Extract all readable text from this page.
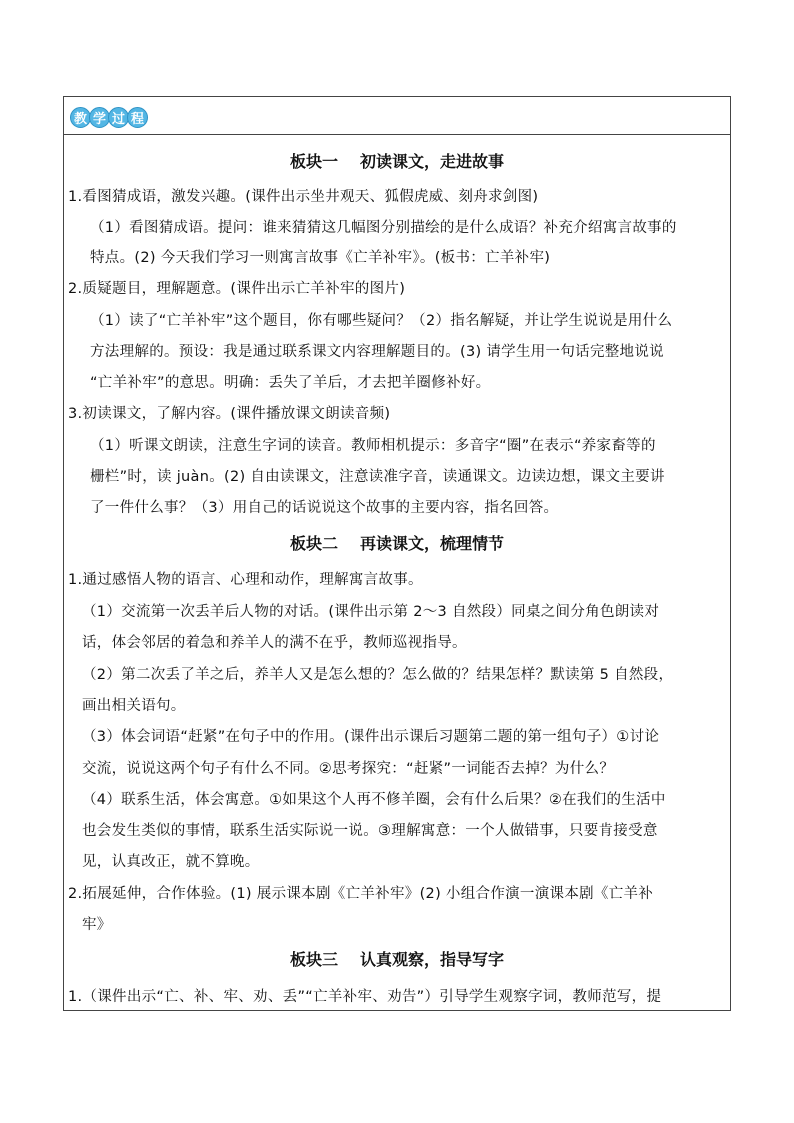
教 学 过 程
板块一 初读课文，走进故事
1.看图猜成语，激发兴趣。(课件出示坐井观天、狐假虎威、刻舟求剑图)
（1）看图猜成语。提问：谁来猜猜这几幅图分别描绘的是什么成语？补充介绍寓言故事的
特点。(2) 今天我们学习一则寓言故事《亡羊补牢》。(板书：亡羊补牢)
2.质疑题目，理解题意。(课件出示亡羊补牢的图片)
（1）读了“亡羊补牢”这个题目，你有哪些疑问？（2）指名解疑，并让学生说说是用什么
方法理解的。预设：我是通过联系课文内容理解题目的。(3) 请学生用一句话完整地说说
“亡羊补牢”的意思。明确：丢失了羊后，才去把羊圈修补好。
3.初读课文，了解内容。(课件播放课文朗读音频)
（1）听课文朗读，注意生字词的读音。教师相机提示：多音字“圈”在表示“养家畜等的
栅栏”时，读 juàn。(2) 自由读课文，注意读准字音，读通课文。边读边想，课文主要讲
了一件什么事？（3）用自己的话说说这个故事的主要内容，指名回答。
板块二 再读课文，梳理情节
1.通过感悟人物的语言、心理和动作，理解寓言故事。
（1）交流第一次丢羊后人物的对话。(课件出示第 2～3 自然段）同桌之间分角色朗读对
话，体会邻居的着急和养羊人的满不在乎，教师巡视指导。
（2）第二次丢了羊之后，养羊人又是怎么想的？怎么做的？结果怎样？默读第 5 自然段，
画出相关语句。
（3）体会词语“赶紧”在句子中的作用。(课件出示课后习题第二题的第一组句子）①讨论
交流，说说这两个句子有什么不同。②思考探究：“赶紧”一词能否去掉？为什么？
（4）联系生活，体会寓意。①如果这个人再不修羊圈，会有什么后果？②在我们的生活中
也会发生类似的事情，联系生活实际说一说。③理解寓意：一个人做错事，只要肯接受意
见，认真改正，就不算晚。
2.拓展延伸，合作体验。(1) 展示课本剧《亡羊补牢》(2) 小组合作演一演课本剧《亡羊补
牢》
板块三 认真观察，指导写字
1.（课件出示“亡、补、牢、劝、丢”“亡羊补牢、劝告”）引导学生观察字词，教师范写，提
